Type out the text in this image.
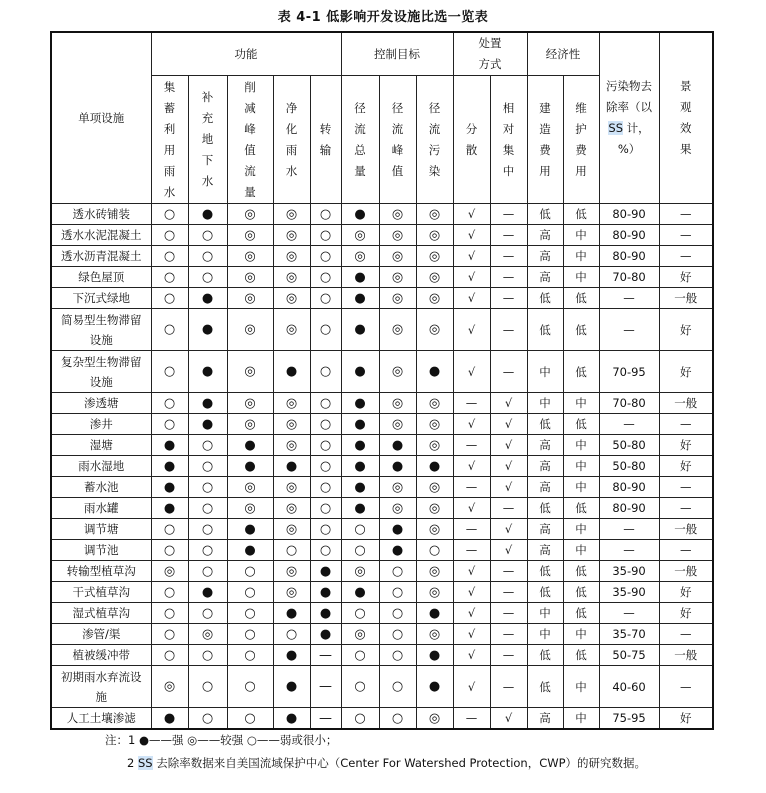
表 4-1 低影响开发设施比选一览表
单项设施	功能					控制目标			处置方式		经济性		污染物去除率（以 SS 计，%）	景观效果
	集蓄利用雨水	补充地下水	削减峰值流量	净化雨水	转输	径流总量	径流峰值	径流污染	分散	相对集中	建造费用	维护费用		
透水砖铺装	○	●	◎	◎	○	●	◎	◎	√	—	低	低	80-90	—
透水水泥混凝土	○	○	◎	◎	○	◎	◎	◎	√	—	高	中	80-90	—
透水沥青混凝土	○	○	◎	◎	○	◎	◎	◎	√	—	高	中	80-90	—
绿色屋顶	○	○	◎	◎	○	●	◎	◎	√	—	高	中	70-80	好
下沉式绿地	○	●	◎	◎	○	●	◎	◎	√	—	低	低	—	一般
简易型生物滞留设施	○	●	◎	◎	○	●	◎	◎	√	—	低	低	—	好
复杂型生物滞留设施	○	●	◎	●	○	●	◎	●	√	—	中	低	70-95	好
渗透塘	○	●	◎	◎	○	●	◎	◎	—	√	中	中	70-80	一般
渗井	○	●	◎	◎	○	●	◎	◎	√	√	低	低	—	—
湿塘	●	○	●	◎	○	●	●	◎	—	√	高	中	50-80	好
雨水湿地	●	○	●	●	○	●	●	●	√	√	高	中	50-80	好
蓄水池	●	○	◎	◎	○	●	◎	◎	—	√	高	中	80-90	—
雨水罐	●	○	◎	◎	○	●	◎	◎	√	—	低	低	80-90	—
调节塘	○	○	●	◎	○	○	●	◎	—	√	高	中	—	一般
调节池	○	○	●	○	○	○	●	○	—	√	高	中	—	—
转输型植草沟	◎	○	○	◎	●	◎	○	◎	√	—	低	低	35-90	一般
干式植草沟	○	●	○	◎	●	●	○	◎	√	—	低	低	35-90	好
湿式植草沟	○	○	○	●	●	○	○	●	√	—	中	低	—	好
渗管/渠	○	◎	○	○	●	◎	○	◎	√	—	中	中	35-70	—
植被缓冲带	○	○	○	●	—	○	○	●	√	—	低	低	50-75	一般
初期雨水弃流设施	◎	○	○	●	—	○	○	●	√	—	低	中	40-60	—
人工土壤渗滤	●	○	○	●	—	○	○	◎	—	√	高	中	75-95	好
注：1 ●——强 ◎——较强 ○——弱或很小；
2 SS 去除率数据来自美国流域保护中心（Center For Watershed Protection，CWP）的研究数据。
